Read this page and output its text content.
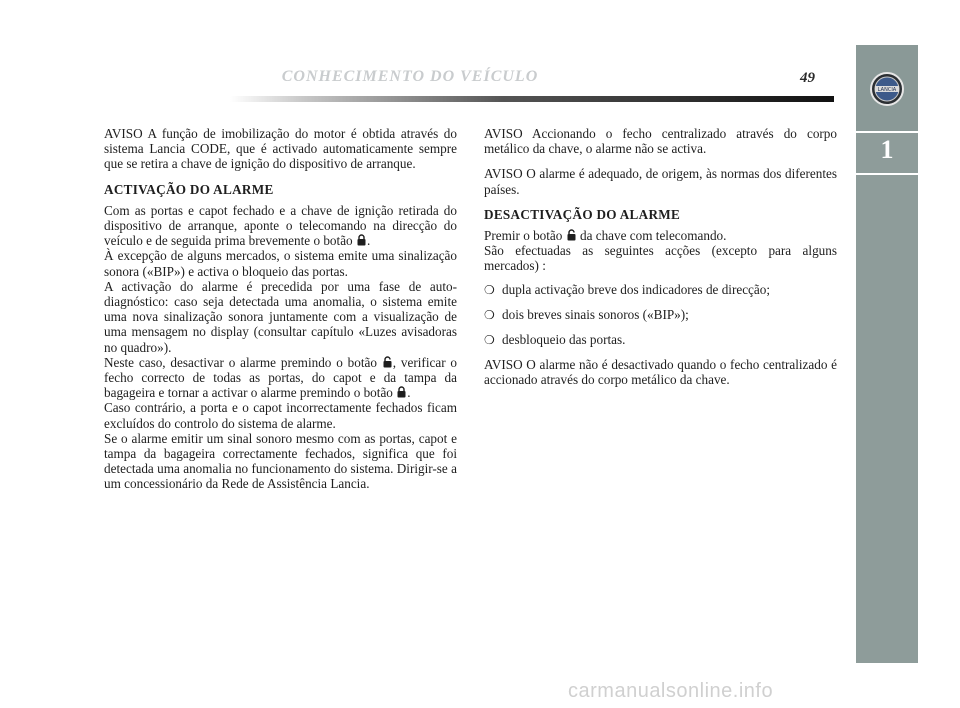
CONHECIMENTO DO VEÍCULO	49
LANCIA
1

AVISO A função de imobilização do motor é obtida através do sistema Lancia CODE, que é activado automaticamente sempre que se retira a chave de ignição do dispositivo de arranque.

ACTIVAÇÃO DO ALARME

Com as portas e capot fechado e a chave de ignição retirada do dispositivo de arranque, aponte o telecomando na direcção do veículo e de seguida prima brevemente o botão .

À excepção de alguns mercados, o sistema emite uma sinalização sonora («BIP») e activa o bloqueio das portas.

A activação do alarme é precedida por uma fase de auto-diagnóstico: caso seja detectada uma anomalia, o sistema emite uma nova sinalização sonora juntamente com a visualização de uma mensagem no display (consultar capítulo «Luzes avisadoras no quadro»).

Neste caso, desactivar o alarme premindo o botão , verificar o fecho correcto de todas as portas, do capot e da tampa da bagageira e tornar a activar o alarme premindo o botão .

Caso contrário, a porta e o capot incorrectamente fechados ficam excluídos do controlo do sistema de alarme.

Se o alarme emitir um sinal sonoro mesmo com as portas, capot e tampa da bagageira correctamente fechados, significa que foi detectada uma anomalia no funcionamento do sistema. Dirigir-se a um concessionário da Rede de Assistência Lancia.

AVISO Accionando o fecho centralizado através do corpo metálico da chave, o alarme não se activa.

AVISO O alarme é adequado, de origem, às normas dos diferentes países.

DESACTIVAÇÃO DO ALARME

Premir o botão  da chave com telecomando.

São efectuadas as seguintes acções (excepto para alguns mercados) :

❍ dupla activação breve dos indicadores de direcção;
❍ dois breves sinais sonoros («BIP»);
❍ desbloqueio das portas.

AVISO O alarme não é desactivado quando o fecho centralizado é accionado através do corpo metálico da chave.

carmanualsonline.info
